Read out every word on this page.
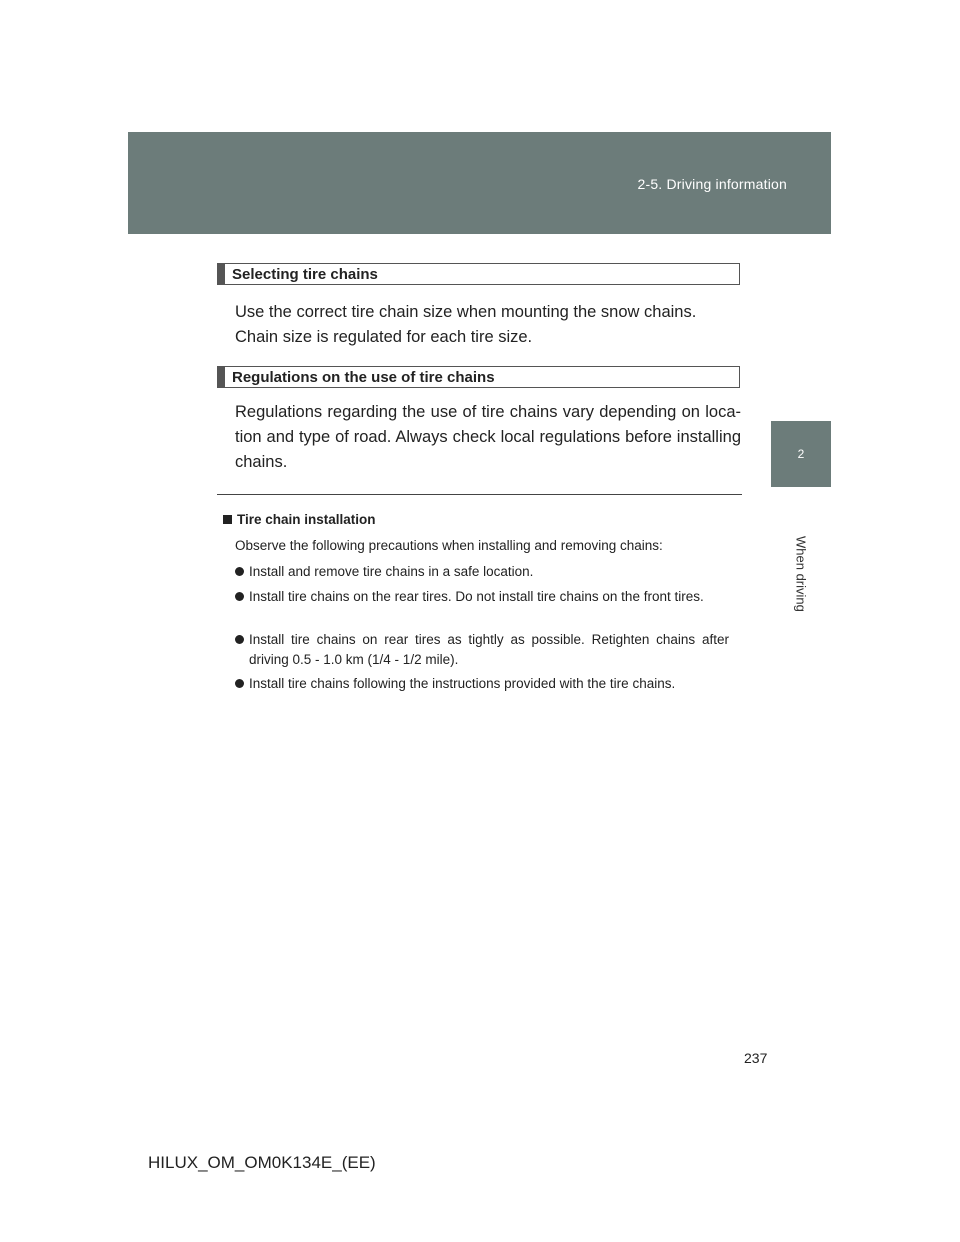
2-5. Driving information
2
When driving
Selecting tire chains
Use the correct tire chain size when mounting the snow chains.
Chain size is regulated for each tire size.
Regulations on the use of tire chains
Regulations regarding the use of tire chains vary depending on loca-tion and type of road. Always check local regulations before installing chains.
Tire chain installation
Observe the following precautions when installing and removing chains:
Install and remove tire chains in a safe location.
Install tire chains on the rear tires. Do not install tire chains on the front tires.
Install tire chains on rear tires as tightly as possible. Retighten chains after driving 0.5 - 1.0 km (1/4 - 1/2 mile).
Install tire chains following the instructions provided with the tire chains.
237
HILUX_OM_OM0K134E_(EE)
